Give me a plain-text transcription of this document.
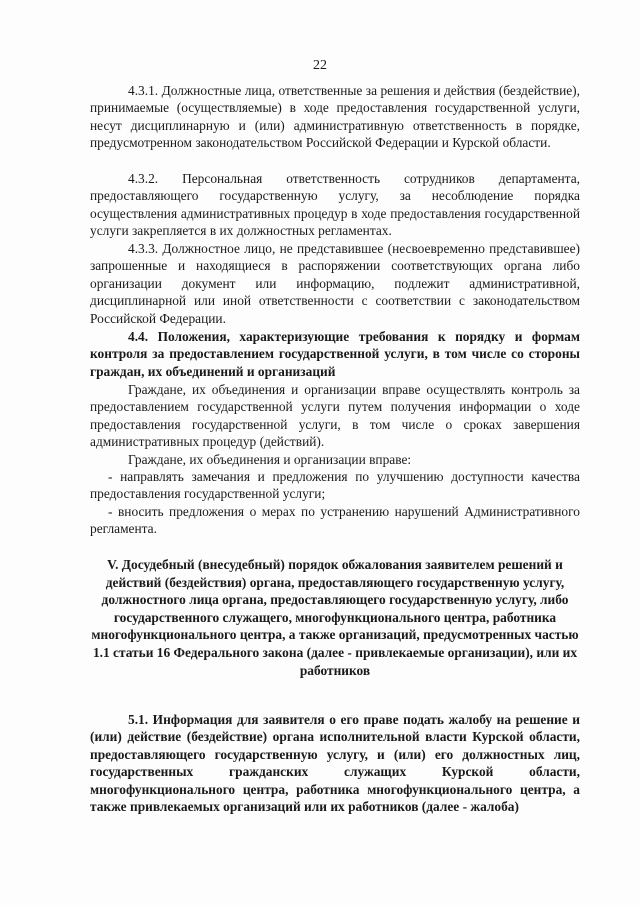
22

4.3.1. Должностные лица, ответственные за решения и действия (бездействие), принимаемые (осуществляемые) в ходе предоставления государственной услуги, несут дисциплинарную и (или) административную ответственность в порядке, предусмотренном законодательством Российской Федерации и Курской области.

4.3.2. Персональная ответственность сотрудников департамента, предоставляющего государственную услугу, за несоблюдение порядка осуществления административных процедур в ходе предоставления государственной услуги закрепляется в их должностных регламентах.

4.3.3. Должностное лицо, не представившее (несвоевременно представившее) запрошенные и находящиеся в распоряжении соответствующих органа либо организации документ или информацию, подлежит административной, дисциплинарной или иной ответственности с соответствии с законодательством Российской Федерации.

4.4. Положения, характеризующие требования к порядку и формам контроля за предоставлением государственной услуги, в том числе со стороны граждан, их объединений и организаций

Граждане, их объединения и организации вправе осуществлять контроль за предоставлением государственной услуги путем получения информации о ходе предоставления государственной услуги, в том числе о сроках завершения административных процедур (действий).

Граждане, их объединения и организации вправе:

- направлять замечания и предложения по улучшению доступности качества предоставления государственной услуги;

- вносить предложения о мерах по устранению нарушений Административного регламента.

V. Досудебный (внесудебный) порядок обжалования заявителем решений и действий (бездействия) органа, предоставляющего государственную услугу, должностного лица органа, предоставляющего государственную услугу, либо государственного служащего, многофункционального центра, работника многофункционального центра, а также организаций, предусмотренных частью 1.1 статьи 16 Федерального закона (далее - привлекаемые организации), или их работников

5.1. Информация для заявителя о его праве подать жалобу на решение и (или) действие (бездействие) органа исполнительной власти Курской области, предоставляющего государственную услугу, и (или) его должностных лиц, государственных гражданских служащих Курской области, многофункционального центра, работника многофункционального центра, а также привлекаемых организаций или их работников (далее - жалоба)
